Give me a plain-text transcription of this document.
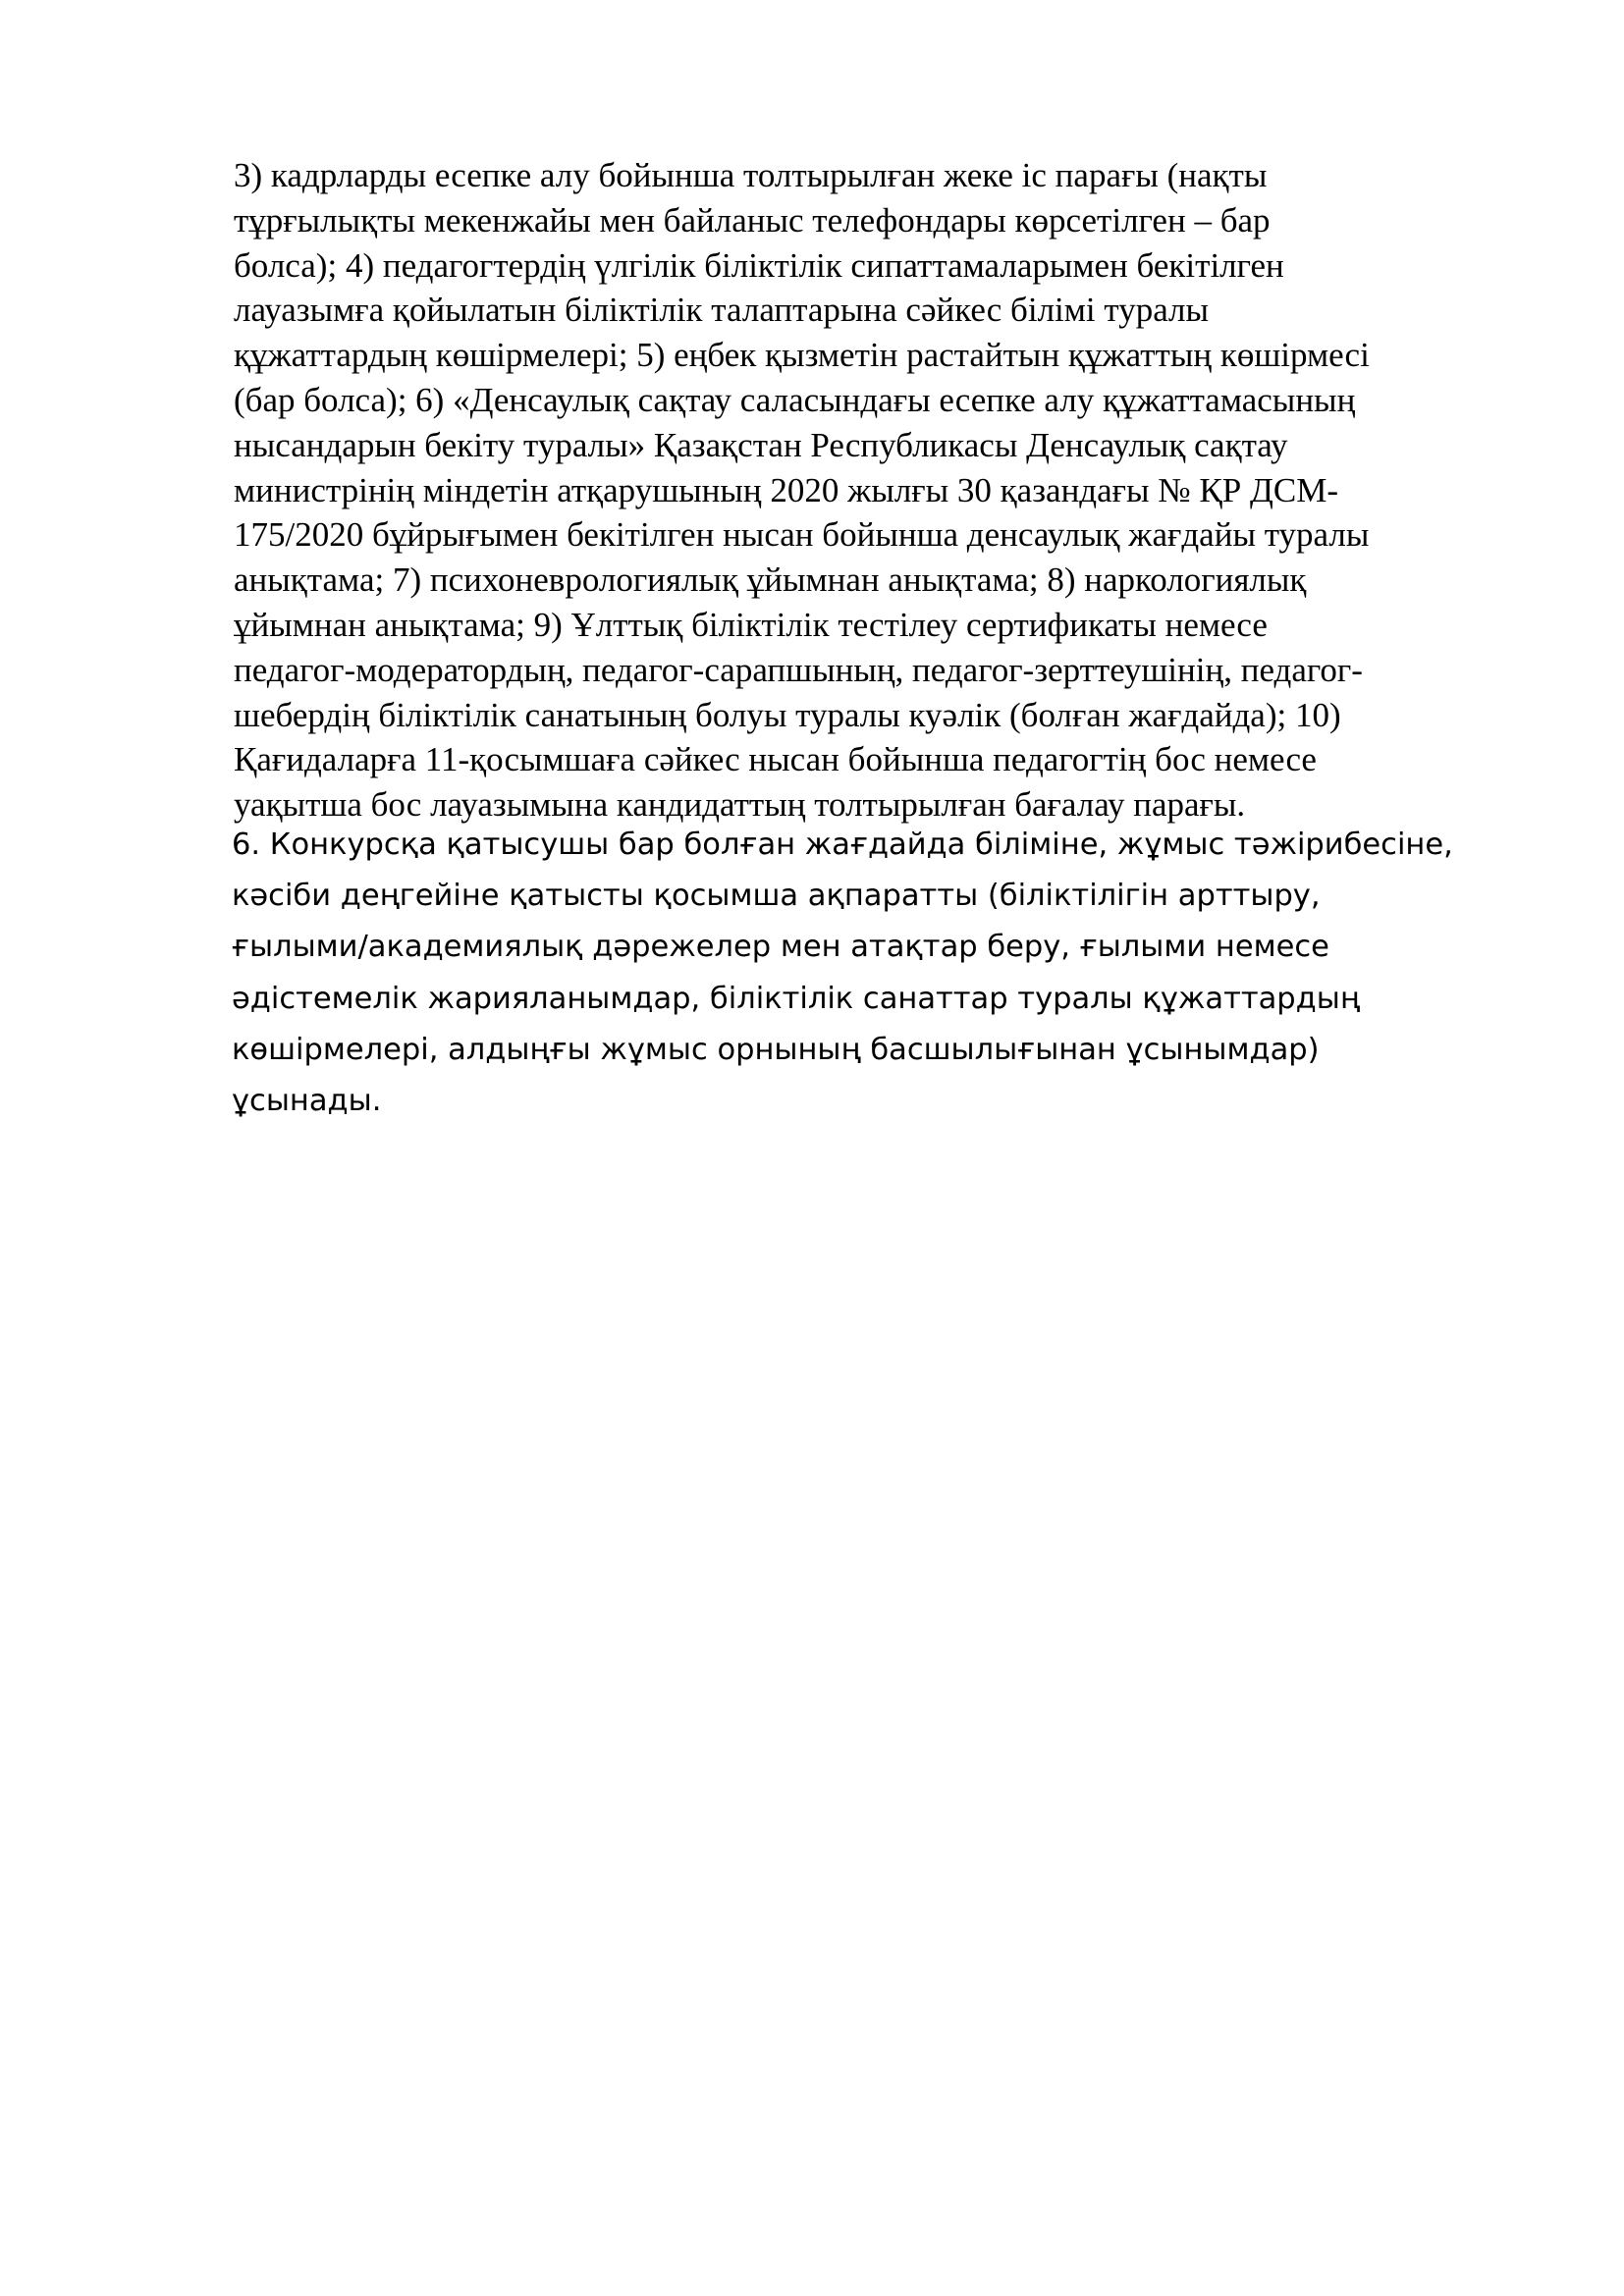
3) кадрларды есепке алу бойынша толтырылған жеке іс парағы (нақты
тұрғылықты мекенжайы мен байланыс телефондары көрсетілген – бар
болса); 4) педагогтердің үлгілік біліктілік сипаттамаларымен бекітілген
лауазымға қойылатын біліктілік талаптарына сәйкес білімі туралы
құжаттардың көшірмелері; 5) еңбек қызметін растайтын құжаттың көшірмесі
(бар болса); 6) «Денсаулық сақтау саласындағы есепке алу құжаттамасының
нысандарын бекіту туралы» Қазақстан Республикасы Денсаулық сақтау
министрінің міндетін атқарушының 2020 жылғы 30 қазандағы № ҚР ДСМ-
175/2020 бұйрығымен бекітілген нысан бойынша денсаулық жағдайы туралы
анықтама; 7) психоневрологиялық ұйымнан анықтама; 8) наркологиялық
ұйымнан анықтама; 9) Ұлттық біліктілік тестілеу сертификаты немесе
педагог-модератордың, педагог-сарапшының, педагог-зерттеушінің, педагог-
шебердің біліктілік санатының болуы туралы куәлік (болған жағдайда); 10)
Қағидаларға 11-қосымшаға сәйкес нысан бойынша педагогтің бос немесе
уақытша бос лауазымына кандидаттың толтырылған бағалау парағы.
6. Конкурсқа қатысушы бар болған жағдайда біліміне, жұмыс тәжірибесіне,
кәсіби деңгейіне қатысты қосымша ақпаратты (біліктілігін арттыру,
ғылыми/академиялық дәрежелер мен атақтар беру, ғылыми немесе
әдістемелік жарияланымдар, біліктілік санаттар туралы құжаттардың
көшірмелері, алдыңғы жұмыс орнының басшылығынан ұсынымдар)
ұсынады.
